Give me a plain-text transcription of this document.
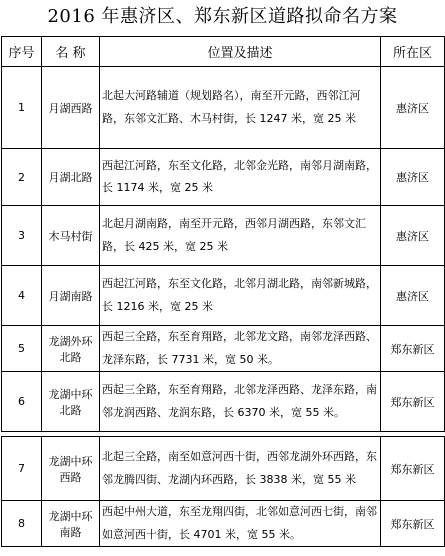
2016 年惠济区、郑东新区道路拟命名方案
序号	名 称	位置及描述	所在区
1	月湖西路	北起大河路辅道（规划路名），南至开元路，西邻江河路，东邻文汇路、木马村街，长 1247 米，宽 25 米	惠济区
2	月湖北路	西起江河路，东至文化路，北邻金光路，南邻月湖南路，长 1174 米，宽 25 米	惠济区
3	木马村街	北起月湖南路，南至开元路，西邻月湖西路，东邻文汇路，长 425 米，宽 25 米	惠济区
4	月湖南路	西起江河路，东至文化路，北邻月湖北路，南邻新城路，长 1216 米，宽 25 米	惠济区
5	龙湖外环北路	西起三全路，东至育翔路，北邻龙文路，南邻龙泽西路、龙泽东路，长 7731 米，宽 50 米。	郑东新区
6	龙湖中环北路	西起三全路，东至育翔路，北邻龙泽西路、龙泽东路，南邻龙润西路、龙润东路，长 6370 米，宽 55 米。	郑东新区

7	龙湖中环西路	北起三全路，南至如意河西十街，西邻龙湖外环西路，东邻龙腾四街、龙湖内环西路，长 3838 米，宽 55 米	郑东新区
8	龙湖中环南路	西起中州大道，东至龙翔四街，北邻如意河西七街，南邻如意河西十街，长 4701 米，宽 55 米。	郑东新区
